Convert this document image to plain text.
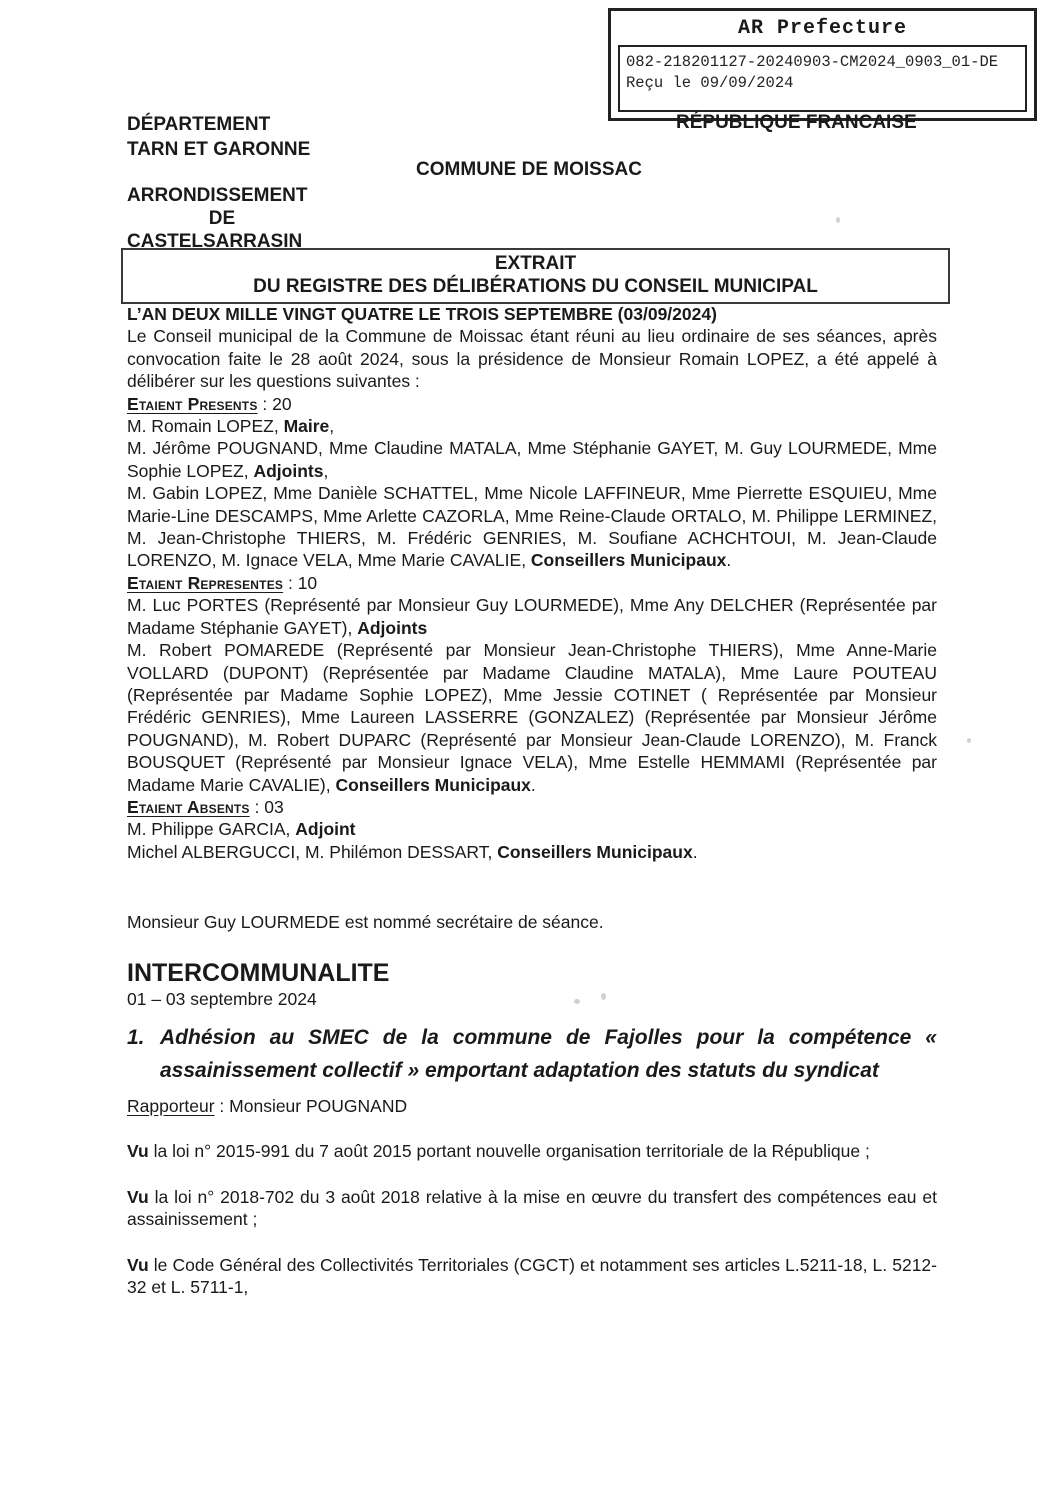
AR Prefecture
082-218201127-20240903-CM2024_0903_01-DE
Reçu le 09/09/2024
DÉPARTEMENT
TARN ET GARONNE
RÉPUBLIQUE FRANCAISE
COMMUNE DE MOISSAC
ARRONDISSEMENT
DE
CASTELSARRASIN
EXTRAIT
DU REGISTRE DES DÉLIBÉRATIONS DU CONSEIL MUNICIPAL

L’AN DEUX MILLE VINGT QUATRE LE TROIS SEPTEMBRE (03/09/2024)

Le Conseil municipal de la Commune de Moissac étant réuni au lieu ordinaire de ses séances, après convocation faite le 28 août 2024, sous la présidence de Monsieur Romain LOPEZ, a été appelé à délibérer sur les questions suivantes :

Etaient Presents : 20

M. Romain LOPEZ, Maire,

M. Jérôme POUGNAND, Mme Claudine MATALA, Mme Stéphanie GAYET, M. Guy LOURMEDE, Mme Sophie LOPEZ, Adjoints,

M. Gabin LOPEZ, Mme Danièle SCHATTEL, Mme Nicole LAFFINEUR, Mme Pierrette ESQUIEU, Mme Marie-Line DESCAMPS, Mme Arlette CAZORLA, Mme Reine-Claude ORTALO, M. Philippe LERMINEZ, M. Jean-Christophe THIERS, M. Frédéric GENRIES, M. Soufiane ACHCHTOUI, M. Jean-Claude LORENZO, M. Ignace VELA, Mme Marie CAVALIE, Conseillers Municipaux.

Etaient Representes : 10

M. Luc PORTES (Représenté par Monsieur Guy LOURMEDE), Mme Any DELCHER (Représentée par Madame Stéphanie GAYET), Adjoints

M. Robert POMAREDE (Représenté par Monsieur Jean-Christophe THIERS), Mme Anne-Marie VOLLARD (DUPONT) (Représentée par Madame Claudine MATALA), Mme Laure POUTEAU (Représentée par Madame Sophie LOPEZ), Mme Jessie COTINET ( Représentée par Monsieur Frédéric GENRIES), Mme Laureen LASSERRE (GONZALEZ) (Représentée par Monsieur Jérôme POUGNAND), M. Robert DUPARC (Représenté par Monsieur Jean-Claude LORENZO), M. Franck BOUSQUET (Représenté par Monsieur Ignace VELA), Mme Estelle HEMMAMI (Représentée par Madame Marie CAVALIE), Conseillers Municipaux.

Etaient Absents : 03

M. Philippe GARCIA, Adjoint

Michel ALBERGUCCI, M. Philémon DESSART, Conseillers Municipaux.

Monsieur Guy LOURMEDE est nommé secrétaire de séance.

INTERCOMMUNALITE

01 – 03 septembre 2024

1. Adhésion au SMEC de la commune de Fajolles pour la compétence « assainissement collectif » emportant adaptation des statuts du syndicat

Rapporteur : Monsieur POUGNAND

Vu la loi n° 2015-991 du 7 août 2015 portant nouvelle organisation territoriale de la République ;

Vu la loi n° 2018-702 du 3 août 2018 relative à la mise en œuvre du transfert des compétences eau et assainissement ;

Vu le Code Général des Collectivités Territoriales (CGCT) et notamment ses articles L.5211-18, L. 5212-32 et L. 5711-1,
